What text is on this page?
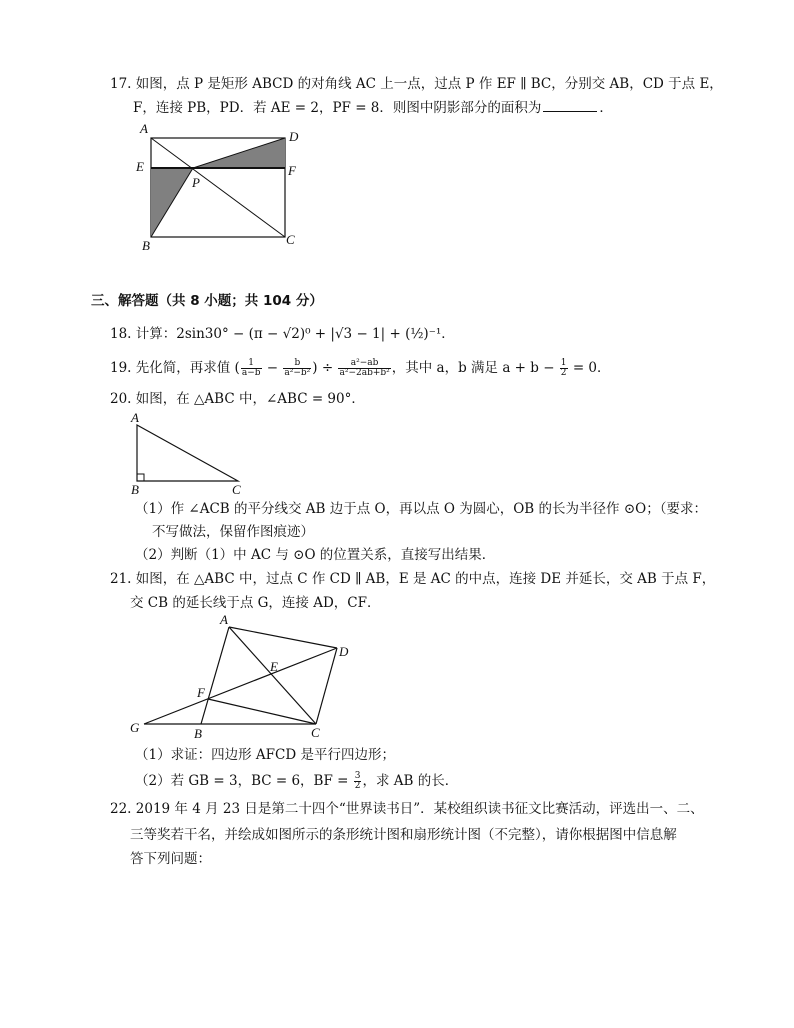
17. 如图，点 P 是矩形 ABCD 的对角线 AC 上一点，过点 P 作 EF ∥ BC，分别交 AB，CD 于点 E，
F，连接 PB，PD．若 AE = 2，PF = 8．则图中阴影部分的面积为	．
A
D
E	F
P
B	C
三、解答题（共 8 小题；共 104 分）
18. 计算：2sin30° − (π − √2)⁰ + |√3 − 1| + (½)⁻¹．
19. 先化简，再求值 ( $\frac{1}{a-b} - \frac{b}{\text{a²−b²}}$ ) ÷ $\frac{\text{a²−ab}}{\text{a²−2ab+b²}}$ ，其中 a，b 满足 $a + b - \frac{1}{2} = 0$．
20. 如图，在 △ABC 中，∠ABC = 90°．
A
B	C
（1）作 ∠ACB 的平分线交 AB 边于点 O，再以点 O 为圆心，OB 的长为半径作 ⊙O；（要求：
不写做法，保留作图痕迹）
（2）判断（1）中 AC 与 ⊙O 的位置关系，直接写出结果．
21. 如图，在 △ABC 中，过点 C 作 CD ∥ AB，E 是 AC 的中点，连接 DE 并延长，交 AB 于点 F，
交 CB 的延长线于点 G，连接 AD，CF．
A
D
E
F
G	B	C
（1）求证：四边形 AFCD 是平行四边形；
（2）若 GB = 3，BC = 6，BF = $\frac{3}{2}$ ，求 AB 的长．
22. 2019 年 4 月 23 日是第二十四个“世界读书日”．某校组织读书征文比赛活动，评选出一、二、
三等奖若干名，并绘成如图所示的条形统计图和扇形统计图（不完整），请你根据图中信息解
答下列问题：
